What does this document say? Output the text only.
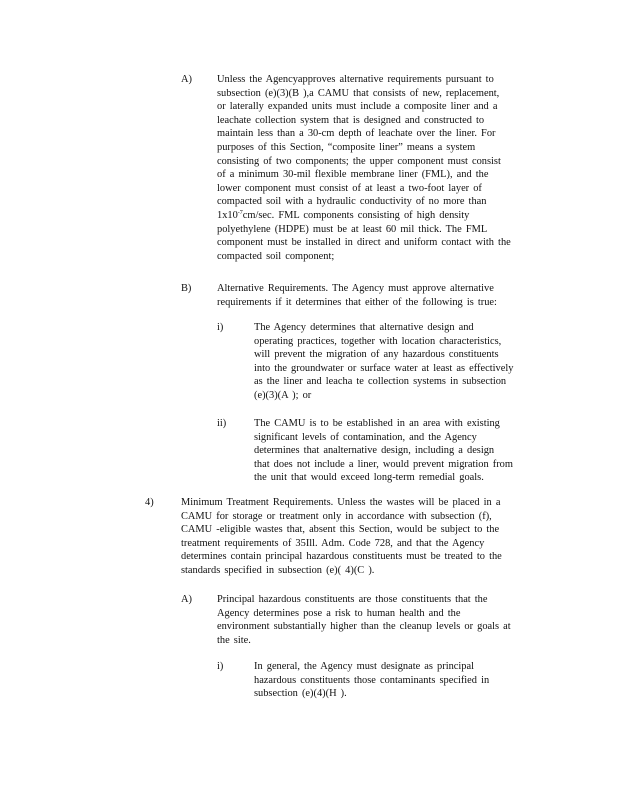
A) Unless the Agencyapproves alternative requirements pursuant to
subsection (e)(3)(B ),a CAMU that consists of new, replacement,
or laterally expanded units must include a composite liner and a
leachate collection system that is designed and constructed to
maintain less than a 30-cm depth of leachate over the liner. For
purposes of this Section, “composite liner” means a system
consisting of two components; the upper component must consist
of a minimum 30-mil flexible membrane liner (FML), and the
lower component must consist of at least a two-foot layer of
compacted soil with a hydraulic conductivity of no more than
$1x10^{-7}cm/\sec$. FML components consisting of high density
polyethylene (HDPE) must be at least 60 mil thick. The FML
component must be installed in direct and uniform contact with the
compacted soil component;
B) Alternative Requirements. The Agency must approve alternative
requirements if it determines that either of the following is true:
i)	The Agency determines that alternative design and
operating practices, together with location characteristics,
will prevent the migration of any hazardous constituents
into the groundwater or surface water at least as effectively
as the liner and leacha te collection systems in subsection
(e)(3)(A ); or
ii)	The CAMU is to be established in an area with existing
significant levels of contamination, and the Agency
determines that analternative design, including a design
that does not include a liner, would prevent migration from
the unit that would exceed long-term remedial goals.
4)	Minimum Treatment Requirements. Unless the wastes will be placed in a
CAMU for storage or treatment only in accordance with subsection (f),
CAMU -eligible wastes that, absent this Section, would be subject to the
treatment requirements of 35Ill. Adm. Code 728, and that the Agency
determines contain principal hazardous constituents must be treated to the
standards specified in subsection (e)( 4)(C ).
A) Principal hazardous constituents are those constituents that the
Agency determines pose a risk to human health and the
environment substantially higher than the cleanup levels or goals at
the site.
i)	In general, the Agency must designate as principal
hazardous constituents those contaminants specified in
subsection (e)(4)(H ).
